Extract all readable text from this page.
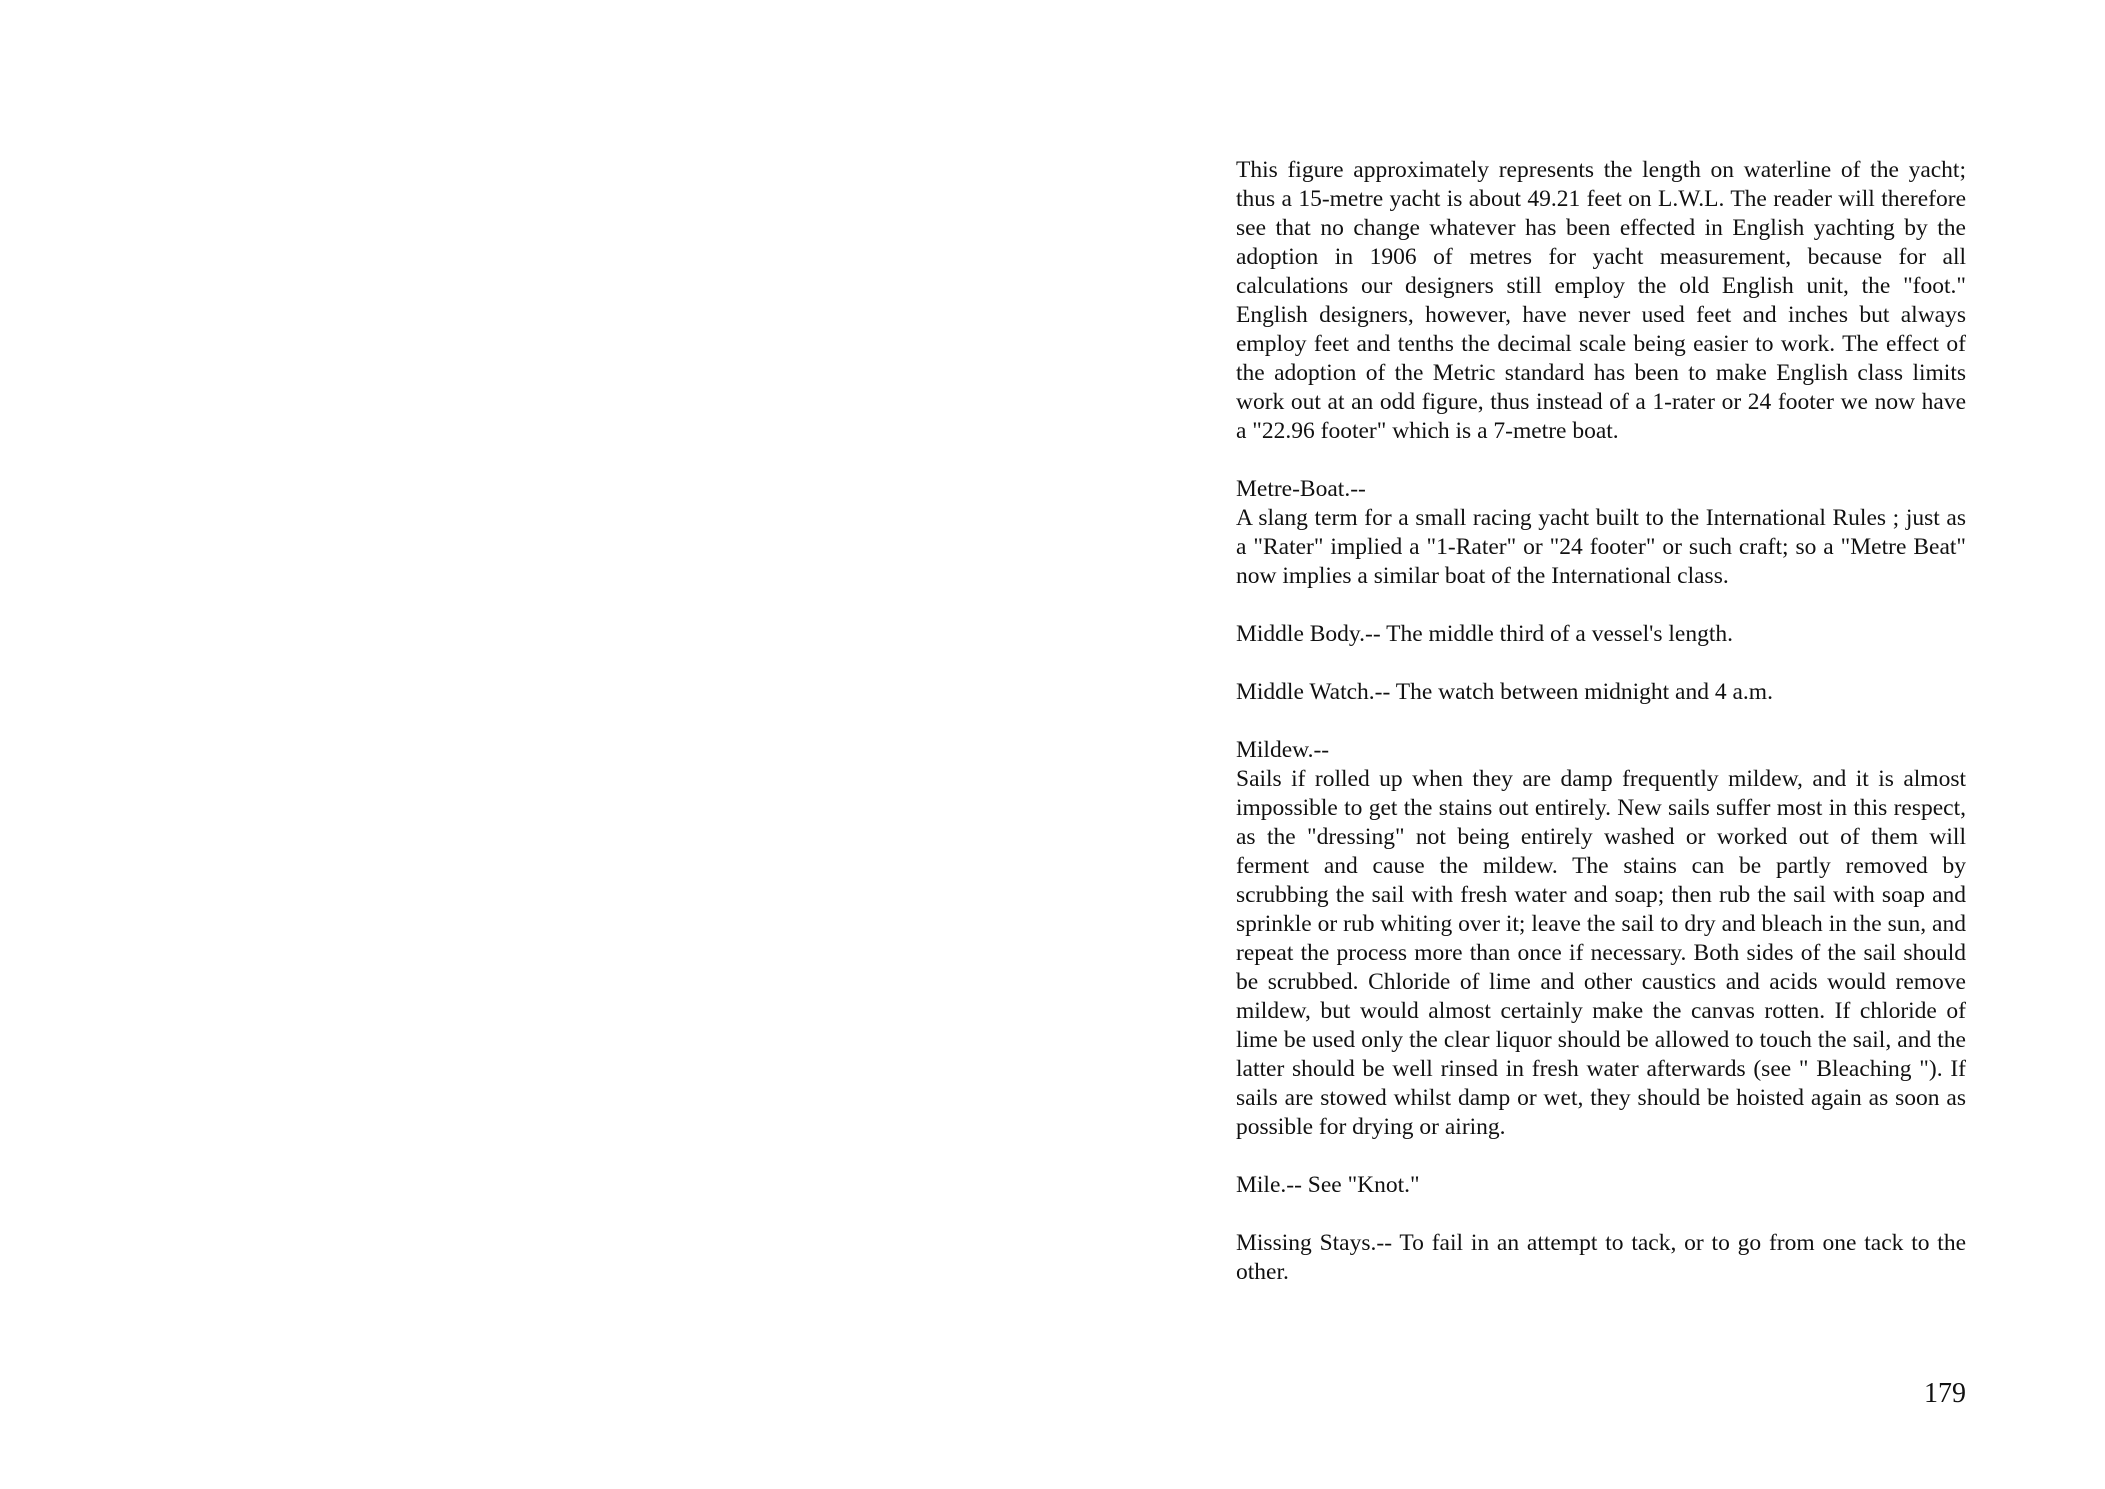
This figure approximately represents the length on waterline of the yacht; thus a 15-metre yacht is about 49.21 feet on L.W.L. The reader will therefore see that no change whatever has been effected in English yachting by the adoption in 1906 of metres for yacht measurement, because for all calculations our designers still employ the old English unit, the "foot." English designers, however, have never used feet and inches but always employ feet and tenths the decimal scale being easier to work. The effect of the adoption of the Metric standard has been to make English class limits work out at an odd figure, thus instead of a 1-rater or 24 footer we now have a "22.96 footer" which is a 7-metre boat.

Metre-Boat.--
A slang term for a small racing yacht built to the International Rules ; just as a "Rater" implied a "1-Rater" or "24 footer" or such craft; so a "Metre Beat" now implies a similar boat of the International class.

Middle Body.-- The middle third of a vessel's length.

Middle Watch.-- The watch between midnight and 4 a.m.

Mildew.--
Sails if rolled up when they are damp frequently mildew, and it is almost impossible to get the stains out entirely. New sails suffer most in this respect, as the "dressing" not being entirely washed or worked out of them will ferment and cause the mildew. The stains can be partly removed by scrubbing the sail with fresh water and soap; then rub the sail with soap and sprinkle or rub whiting over it; leave the sail to dry and bleach in the sun, and repeat the process more than once if necessary. Both sides of the sail should be scrubbed. Chloride of lime and other caustics and acids would remove mildew, but would almost certainly make the canvas rotten. If chloride of lime be used only the clear liquor should be allowed to touch the sail, and the latter should be well rinsed in fresh water afterwards (see " Bleaching "). If sails are stowed whilst damp or wet, they should be hoisted again as soon as possible for drying or airing.

Mile.-- See "Knot."

Missing Stays.-- To fail in an attempt to tack, or to go from one tack to the other.

179
